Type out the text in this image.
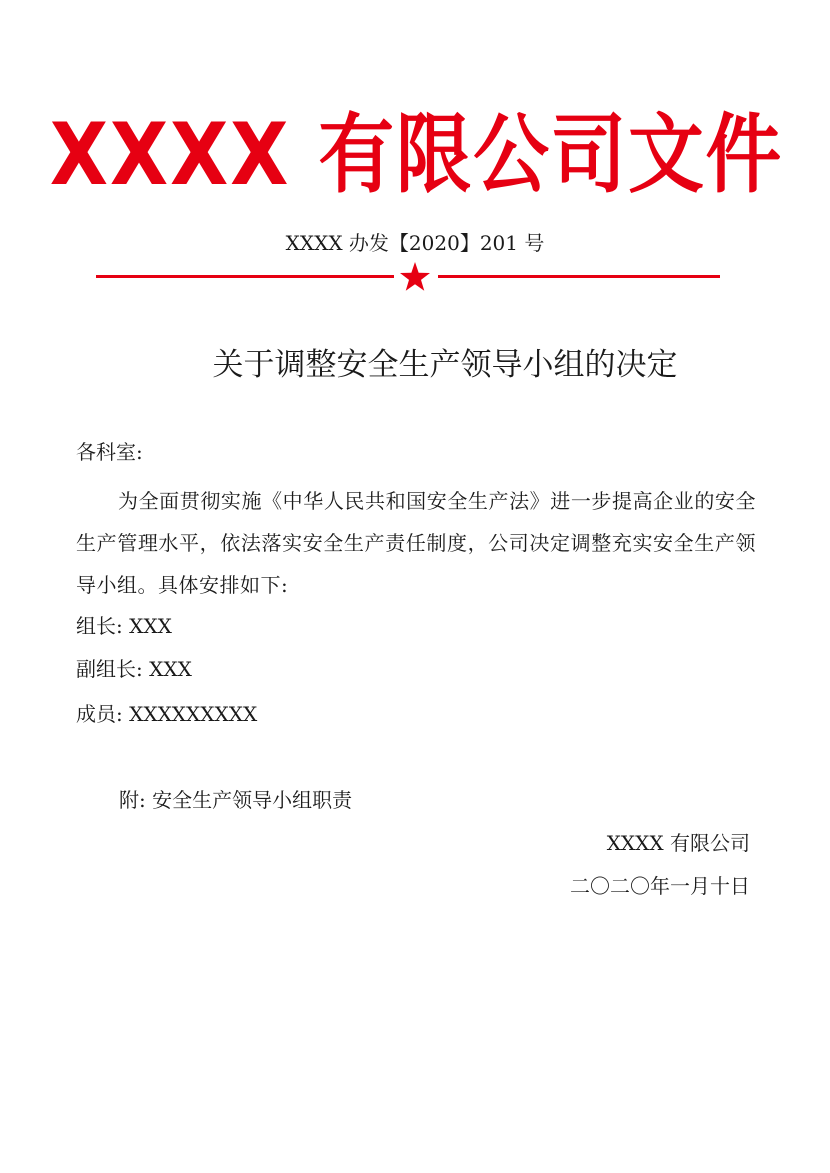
XXXX 有限公司文件
XXXX 办发【2020】201 号
关于调整安全生产领导小组的决定
各科室:
为全面贯彻实施《中华人民共和国安全生产法》进一步提高企业的安全生产管理水平，依法落实安全生产责任制度，公司决定调整充实安全生产领导小组。具体安排如下:
组长: XXX
副组长: XXX
成员: XXXXXXXXX
附: 安全生产领导小组职责
XXXX 有限公司
二〇二〇年一月十日
